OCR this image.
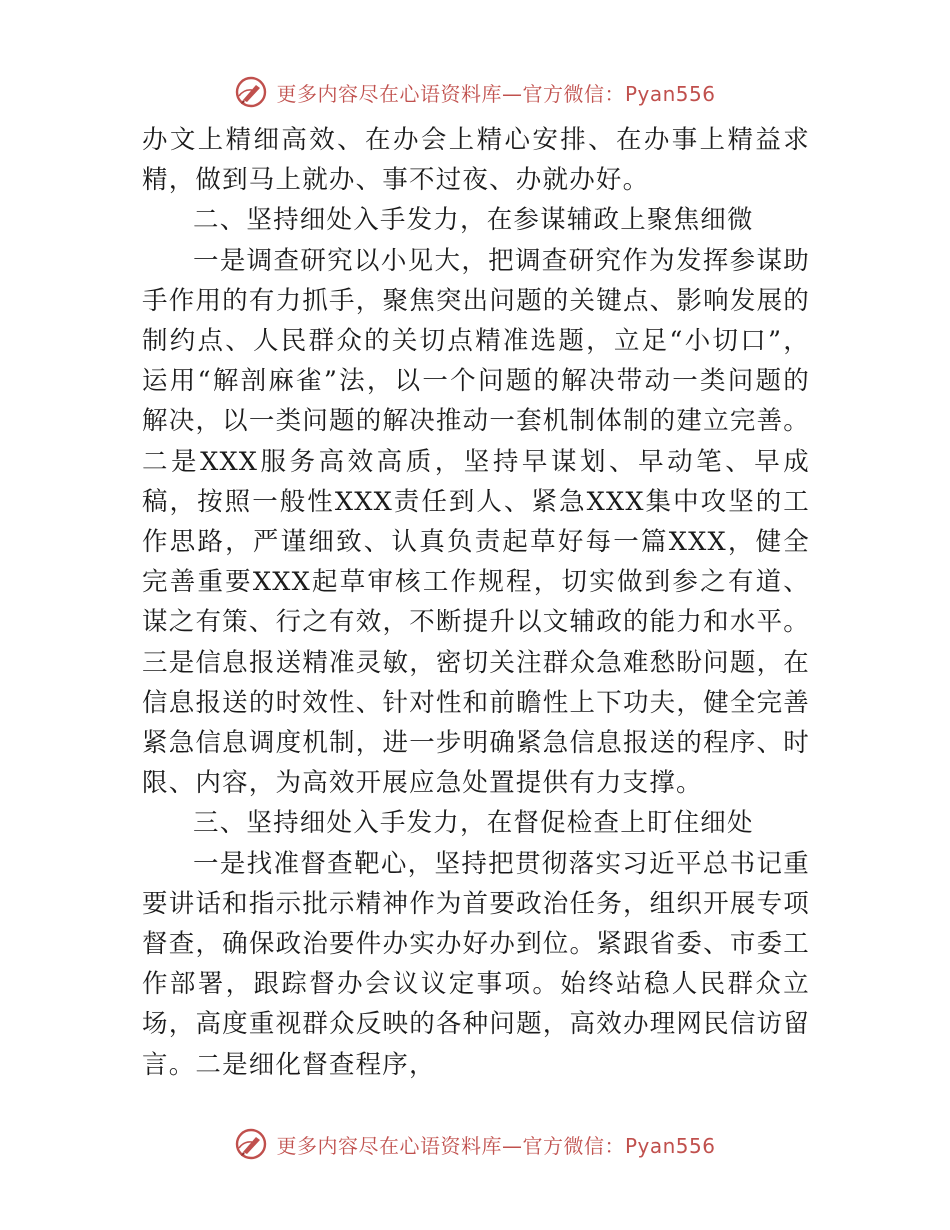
更多内容尽在心语资料库—官方微信：Pyan556

办文上精细高效、在办会上精心安排、在办事上精益求精，做到马上就办、事不过夜、办就办好。

二、坚持细处入手发力，在参谋辅政上聚焦细微

一是调查研究以小见大，把调查研究作为发挥参谋助手作用的有力抓手，聚焦突出问题的关键点、影响发展的制约点、人民群众的关切点精准选题，立足“小切口”，运用“解剖麻雀”法，以一个问题的解决带动一类问题的解决，以一类问题的解决推动一套机制体制的建立完善。二是XXX服务高效高质，坚持早谋划、早动笔、早成稿，按照一般性XXX责任到人、紧急XXX集中攻坚的工作思路，严谨细致、认真负责起草好每一篇XXX，健全完善重要XXX起草审核工作规程，切实做到参之有道、谋之有策、行之有效，不断提升以文辅政的能力和水平。三是信息报送精准灵敏，密切关注群众急难愁盼问题，在信息报送的时效性、针对性和前瞻性上下功夫，健全完善紧急信息调度机制，进一步明确紧急信息报送的程序、时限、内容，为高效开展应急处置提供有力支撑。

三、坚持细处入手发力，在督促检查上盯住细处

一是找准督查靶心，坚持把贯彻落实习近平总书记重要讲话和指示批示精神作为首要政治任务，组织开展专项督查，确保政治要件办实办好办到位。紧跟省委、市委工作部署，跟踪督办会议议定事项。始终站稳人民群众立场，高度重视群众反映的各种问题，高效办理网民信访留言。二是细化督查程序，

更多内容尽在心语资料库—官方微信：Pyan556
